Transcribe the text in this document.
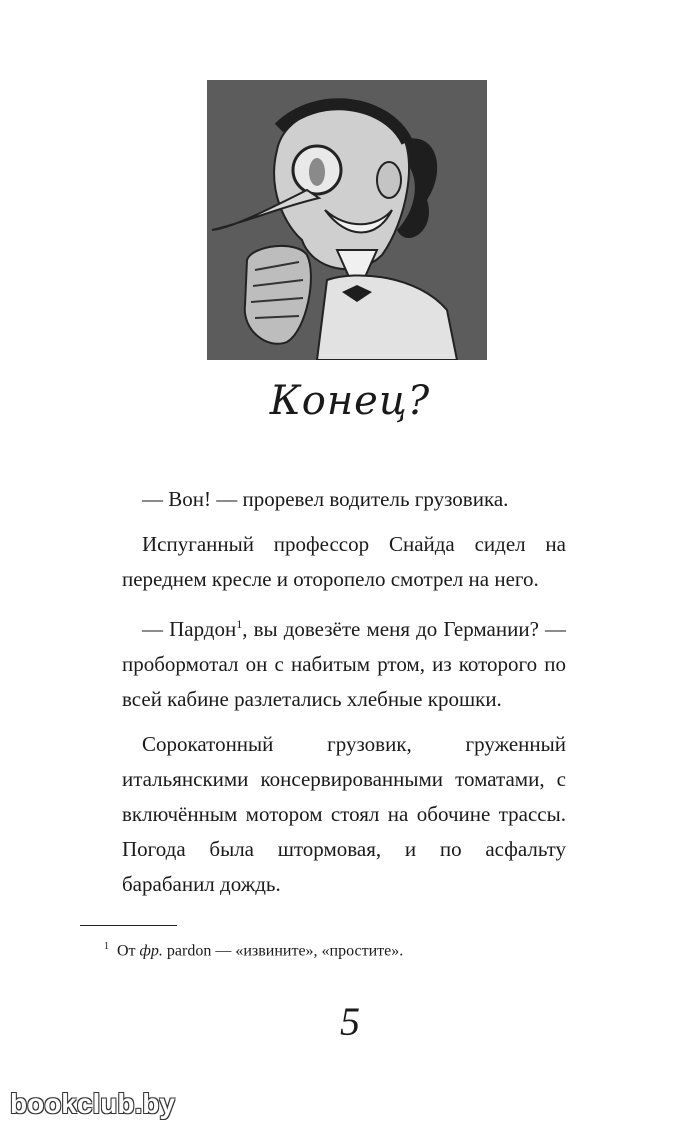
Конец?

— Вон! — проревел водитель грузовика.

Испуганный профессор Снайда сидел на переднем кресле и оторопело смотрел на него.

— Пардон$^1$, вы довезёте меня до Германии? — пробормотал он с набитым ртом, из которого по всей кабине разлетались хлебные крошки.

Сорокатонный грузовик, груженный итальянскими консервированными томатами, с включённым мотором стоял на обочине трассы. Погода была штормовая, и по асфальту барабанил дождь.

$^1$ От фр. pardon — «извините», «простите».
5
bookclub.by
